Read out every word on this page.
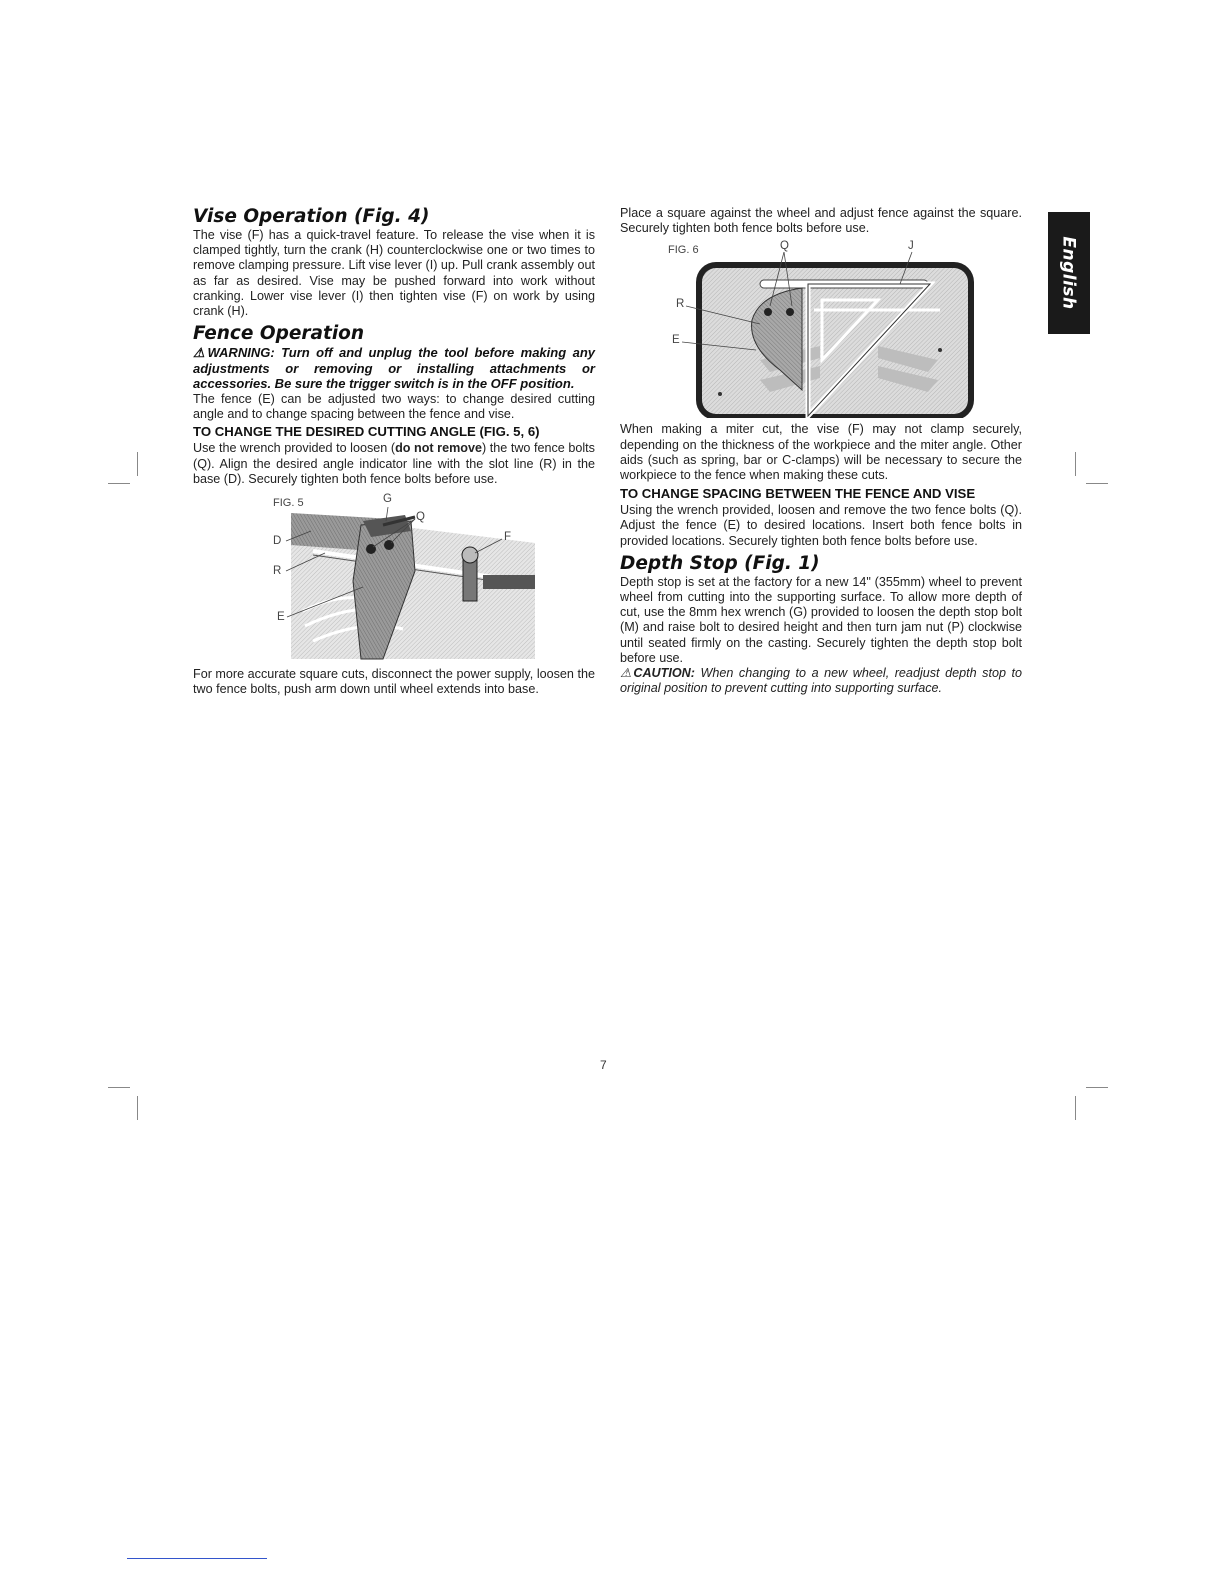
English
Vise Operation (Fig. 4)

The vise (F) has a quick-travel feature. To release the vise when it is clamped tightly, turn the crank (H) counterclockwise one or two times to remove clamping pressure. Lift vise lever (I) up. Pull crank assembly out as far as desired. Vise may be pushed forward into work without cranking. Lower vise lever (I) then tighten vise (F) on work by using crank (H).

Fence Operation

⚠WARNING: Turn off and unplug the tool before making any adjustments or removing or installing attachments or accessories. Be sure the trigger switch is in the OFF position.

The fence (E) can be adjusted two ways: to change desired cutting angle and to change spacing between the fence and vise.

TO CHANGE THE DESIRED CUTTING ANGLE (FIG. 5, 6)

Use the wrench provided to loosen (do not remove) the two fence bolts (Q). Align the desired angle indicator line with the slot line (R) in the base (D). Securely tighten both fence bolts before use.

FIG. 5	G
Q
D
R
E
F

For more accurate square cuts, disconnect the power supply, loosen the two fence bolts, push arm down until wheel extends into base.

Place a square against the wheel and adjust fence against the square. Securely tighten both fence bolts before use.

FIG. 6	Q	J
R
E

When making a miter cut, the vise (F) may not clamp securely, depending on the thickness of the workpiece and the miter angle. Other aids (such as spring, bar or C-clamps) will be necessary to secure the workpiece to the fence when making these cuts.

TO CHANGE SPACING BETWEEN THE FENCE AND VISE

Using the wrench provided, loosen and remove the two fence bolts (Q). Adjust the fence (E) to desired locations. Insert both fence bolts in provided locations. Securely tighten both fence bolts before use.

Depth Stop (Fig. 1)

Depth stop is set at the factory for a new 14" (355mm) wheel to prevent wheel from cutting into the supporting surface. To allow more depth of cut, use the 8mm hex wrench (G) provided to loosen the depth stop bolt (M) and raise bolt to desired height and then turn jam nut (P) clockwise until seated firmly on the casting. Securely tighten the depth stop bolt before use.

⚠CAUTION: When changing to a new wheel, readjust depth stop to original position to prevent cutting into supporting surface.

7
